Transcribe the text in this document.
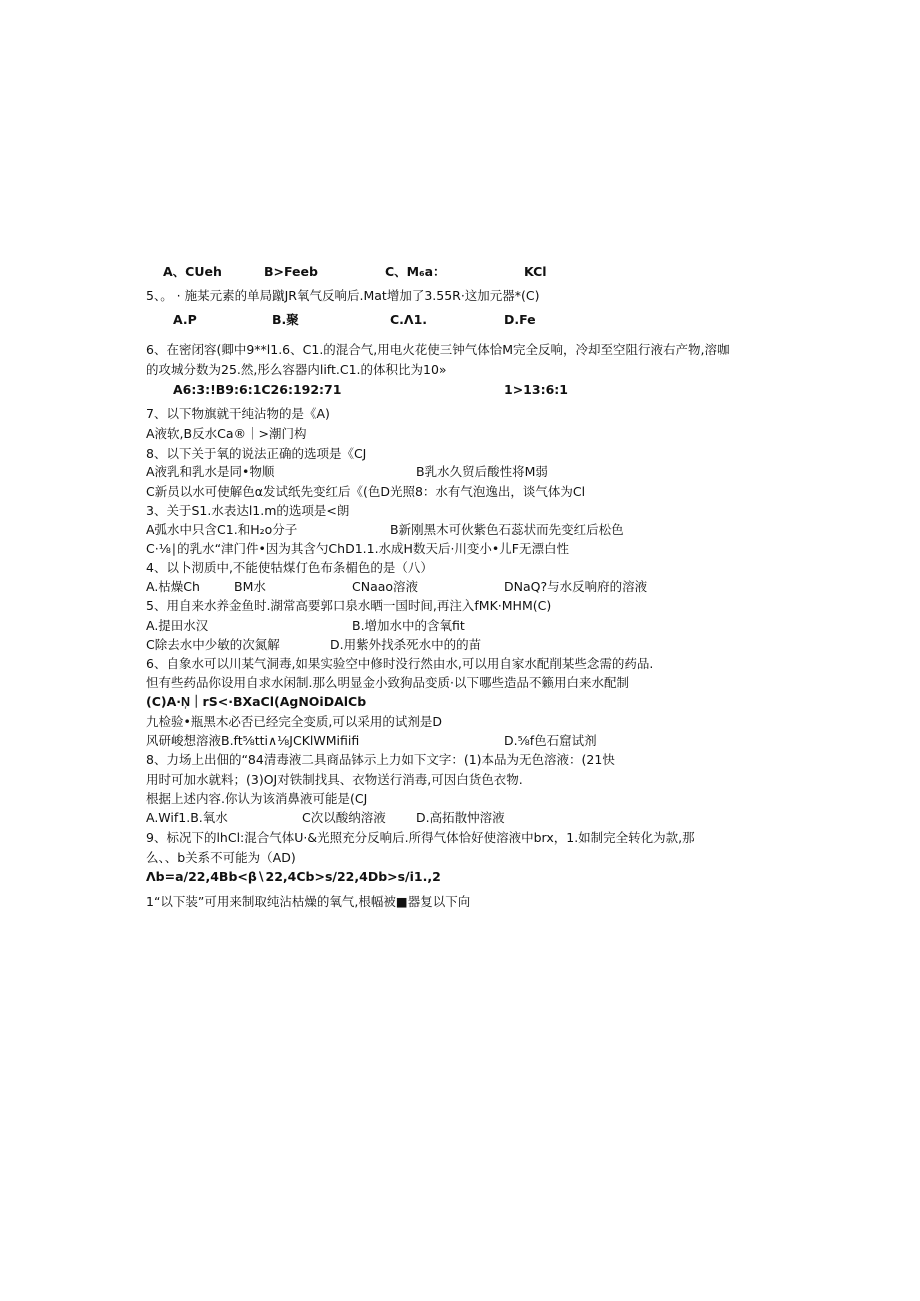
A、CUeh	B>Feeb	C、M₆a：	KCl
5、。 · 施某元素的单局蹴JR氧气反响后.Mat增加了3.55R·这加元器*(C)
A.P	B.聚	C.Λ1.	D.Fe
6、在密闭容(卿中9**l1.6、C1.的混合气,用电火花使三钟气体恰M完全反响，冷却至空阻行液右产物,溶咖
的攻城分数为25.然,彤么容器内lift.C1.的体积比为10»
A6:3:!B9:6:1C26:192:71	1>13:6:1
7、以下物旗就干纯沾物的是《A)
A液软,B反水Ca®｜>潮门构
8、以下关于氧的说法正确的选项是《CJ
A液乳和乳水是同•物顺	B乳水久贸后酸性将M弱
C新员以水可使解色α发试纸先变红后《(色D光照8：水有气泡逸出，谈气体为Cl
3、关于S1.水表达l1.m的选项是<朗
A弧水中只含C1.和H₂o分子	B新刚黑木可伙紫色石蕊状而先变红后松色
C·⅛∣的乳水“津门件•因为其含勺ChD1.1.水成H数天后·川变小•儿F无漂白性
4、以卜沏质中,不能使牯煤仃色布条楣色的是（八）
A.枯燥Ch	BM水	CNaao溶液	DNaQ?与水反响府的溶液
5、用自来水养金鱼时.湖常高要郭口泉水晒一国时间,再注入fMK·MHM(C)
A.提田水汉	B.增加水中的含氧fit
C除去水中少敏的次氮解	D.用紫外找杀死水中的的苗
6、自象水可以川某气洞毒,如果实验空中修时没行然由水,可以用自家水配削某些念需的药品.
怛有些药品你设用自求水闲制.那么明显金小致狗品变质·以下哪些造品不籁用白来水配制
(C)A·N᷊｜rS<·BXaCl(AgNOiDAlCb
九检验•瓶黑木必否已经完全变质,可以采用的试剂是D
风研峻想溶液B.ft⅝tti∧⅛JCKlWMifiifi	D.⅝f色石窟试剂
8、力场上出佃的“84清毒液二具商品钵示上力如下文字：(1)本品为无色溶液：(21快
用时可加水就料；(3)OJ对铁制找具、衣物送行消毒,可因白货色衣物.
根据上述内容.你认为该消鼻液可能是(CJ
A.Wif1.B.氧水	C次以酸纳溶液 D.高拓散忡溶液
9、标况下的lhCl:混合气体U·&光照充分反响后.所得气体恰好使溶液中brx，1.如制完全转化为款,那
么、、b关系不可能为（AD)
Λb=a∕22,4Bb<β∖22,4Cb>s∕22,4Db>s∕i1.,2
1“以下装”可用来制取纯沾枯燥的氧气,根幅被■器复以下向
